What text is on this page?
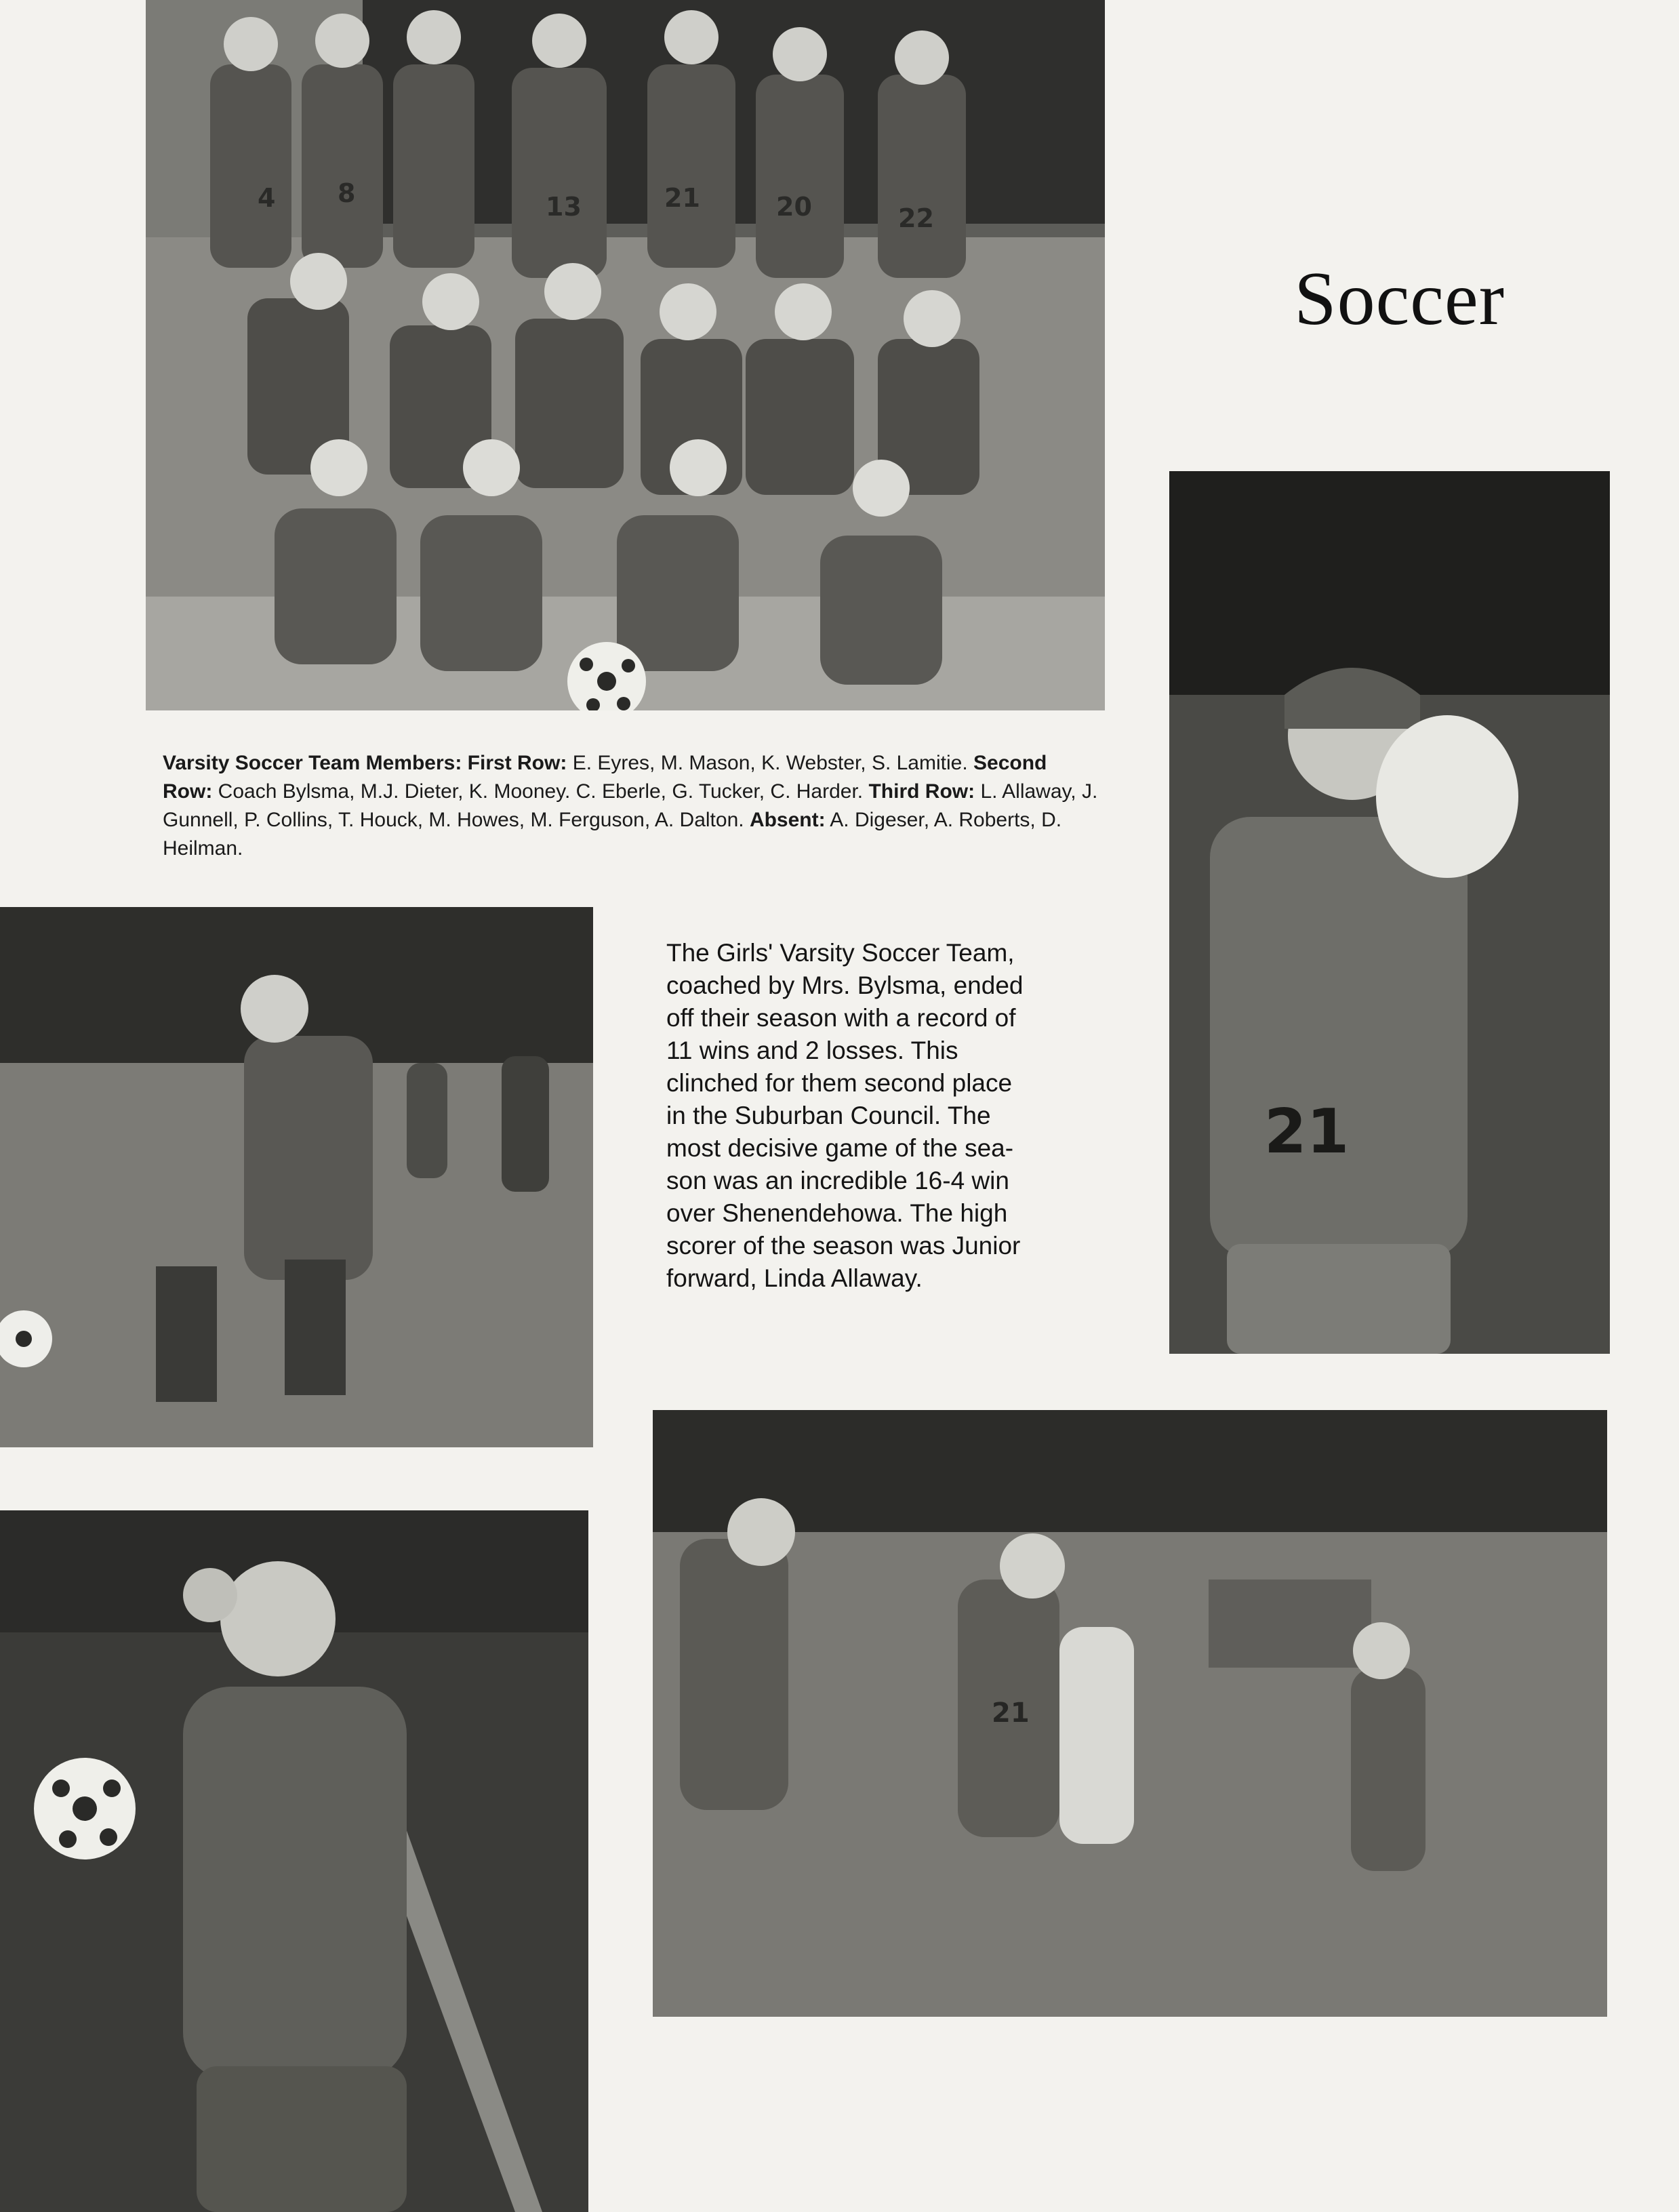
4 8	13	21	20	22
Soccer
21
Varsity Soccer Team Members: First Row: E. Eyres, M. Mason, K. Webster, S. Lamitie. Second Row: Coach Bylsma, M.J. Dieter, K. Mooney. C. Eberle, G. Tucker, C. Harder. Third Row: L. Allaway, J. Gunnell, P. Collins, T. Houck, M. Howes, M. Ferguson, A. Dalton. Absent: A. Digeser, A. Roberts, D. Heilman.

The Girls' Varsity Soccer Team,

coached by Mrs. Bylsma, ended

off their season with a record of

11 wins and 2 losses. This

clinched for them second place

in the Suburban Council. The

most decisive game of the sea-

son was an incredible 16-4 win

over Shenendehowa. The high

scorer of the season was Junior

forward, Linda Allaway.

21
